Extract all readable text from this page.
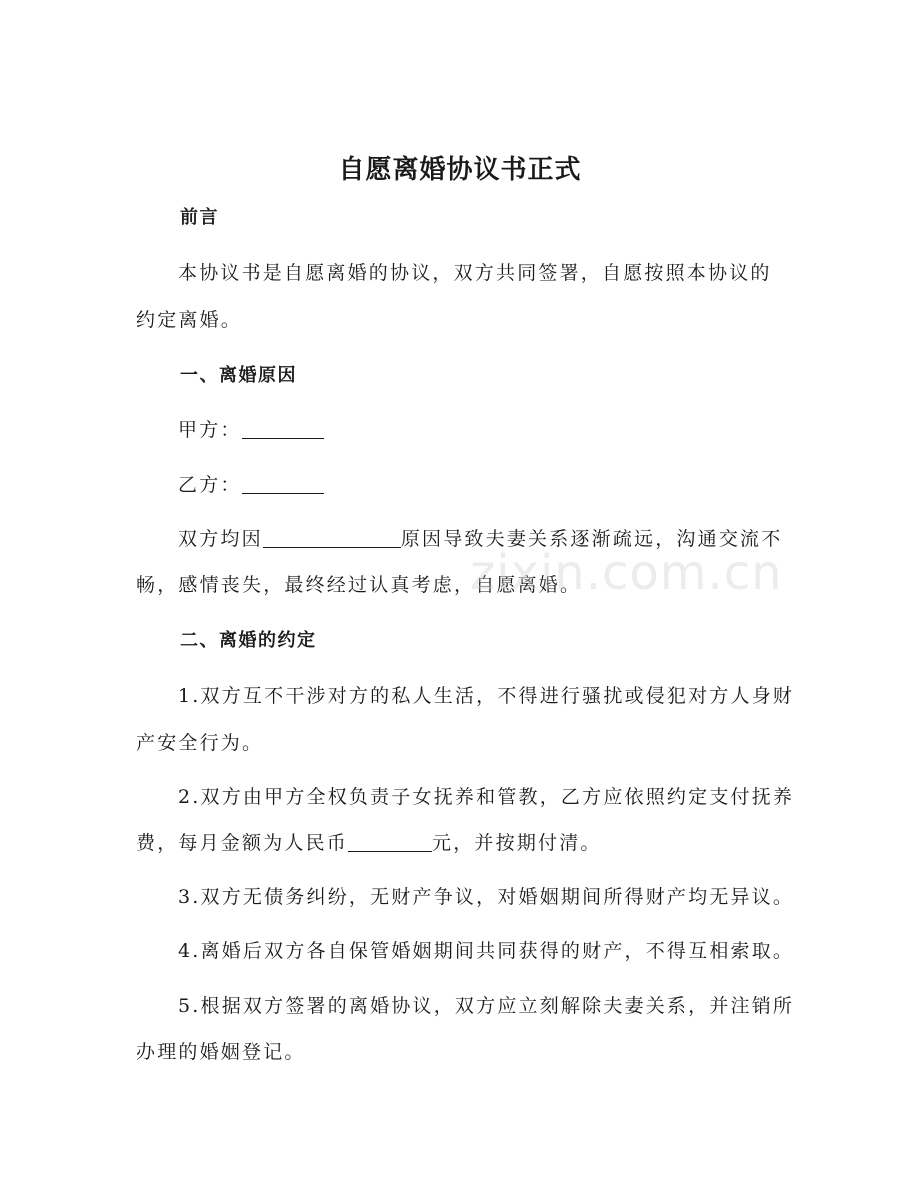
自愿离婚协议书正式
前言
本协议书是自愿离婚的协议，双方共同签署，自愿按照本协议的
约定离婚。
一、离婚原因
甲方：
乙方：
双方均因	原因导致夫妻关系逐渐疏远，沟通交流不
畅，感情丧失，最终经过认真考虑，自愿离婚。
二、离婚的约定
1.双方互不干涉对方的私人生活，不得进行骚扰或侵犯对方人身财
产安全行为。
2.双方由甲方全权负责子女抚养和管教，乙方应依照约定支付抚养
费，每月金额为人民币	元，并按期付清。
3.双方无债务纠纷，无财产争议，对婚姻期间所得财产均无异议。
4.离婚后双方各自保管婚姻期间共同获得的财产，不得互相索取。
5.根据双方签署的离婚协议，双方应立刻解除夫妻关系，并注销所
办理的婚姻登记。
zixin.com.cn
